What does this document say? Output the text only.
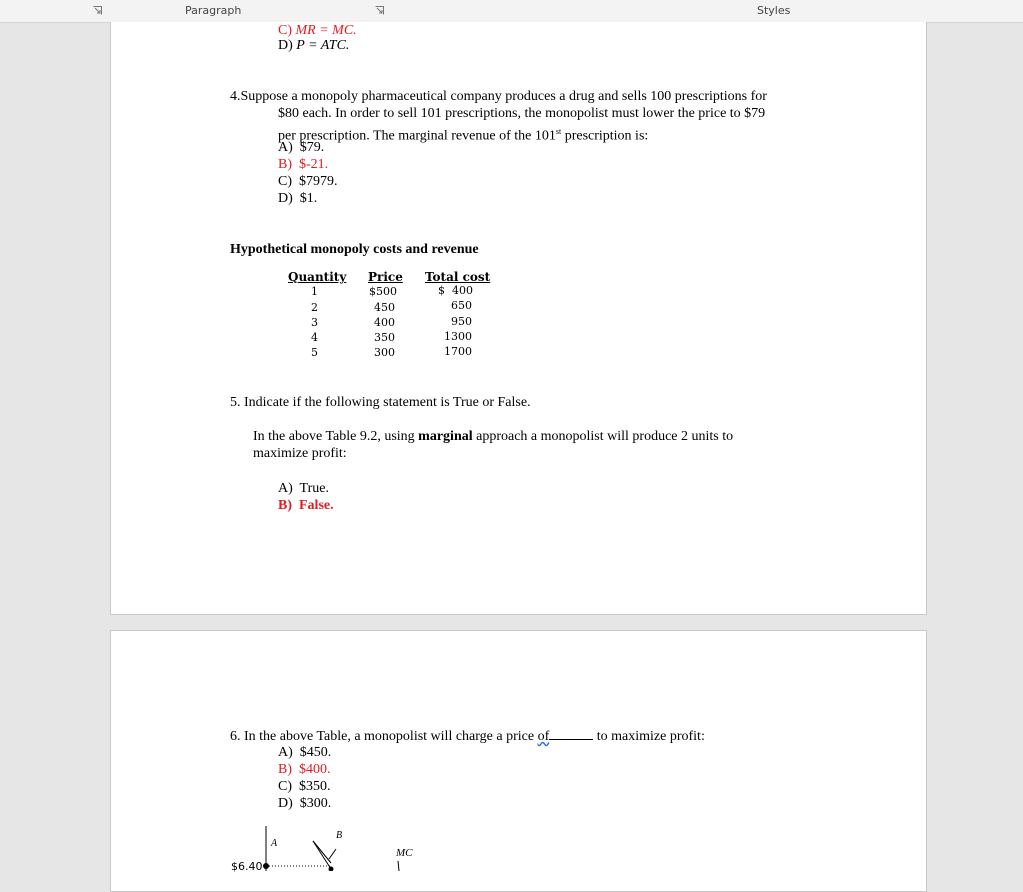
Paragraph	Styles
C) MR = MC.
D) P = ATC.
4.Suppose a monopoly pharmaceutical company produces a drug and sells 100 prescriptions for
$80 each. In order to sell 101 prescriptions, the monopolist must lower the price to $79
per prescription. The marginal revenue of the 101st prescription is:
A) $79.
B) $-21.
C) $7979.
D) $1.
Hypothetical monopoly costs and revenue
Quantity Price Total cost
1	$500	$  400
2	450	650
3	400	950
4	350	1300
5	300	1700
5. Indicate if the following statement is True or False.
In the above Table 9.2, using marginal approach a monopolist will produce 2 units to
maximize profit:
A) True.
B) False.
6. In the above Table, a monopolist will charge a price of	to maximize profit:
A) $450.
B) $400.
C) $350.
D) $300.
A
B
MC
$6.40
